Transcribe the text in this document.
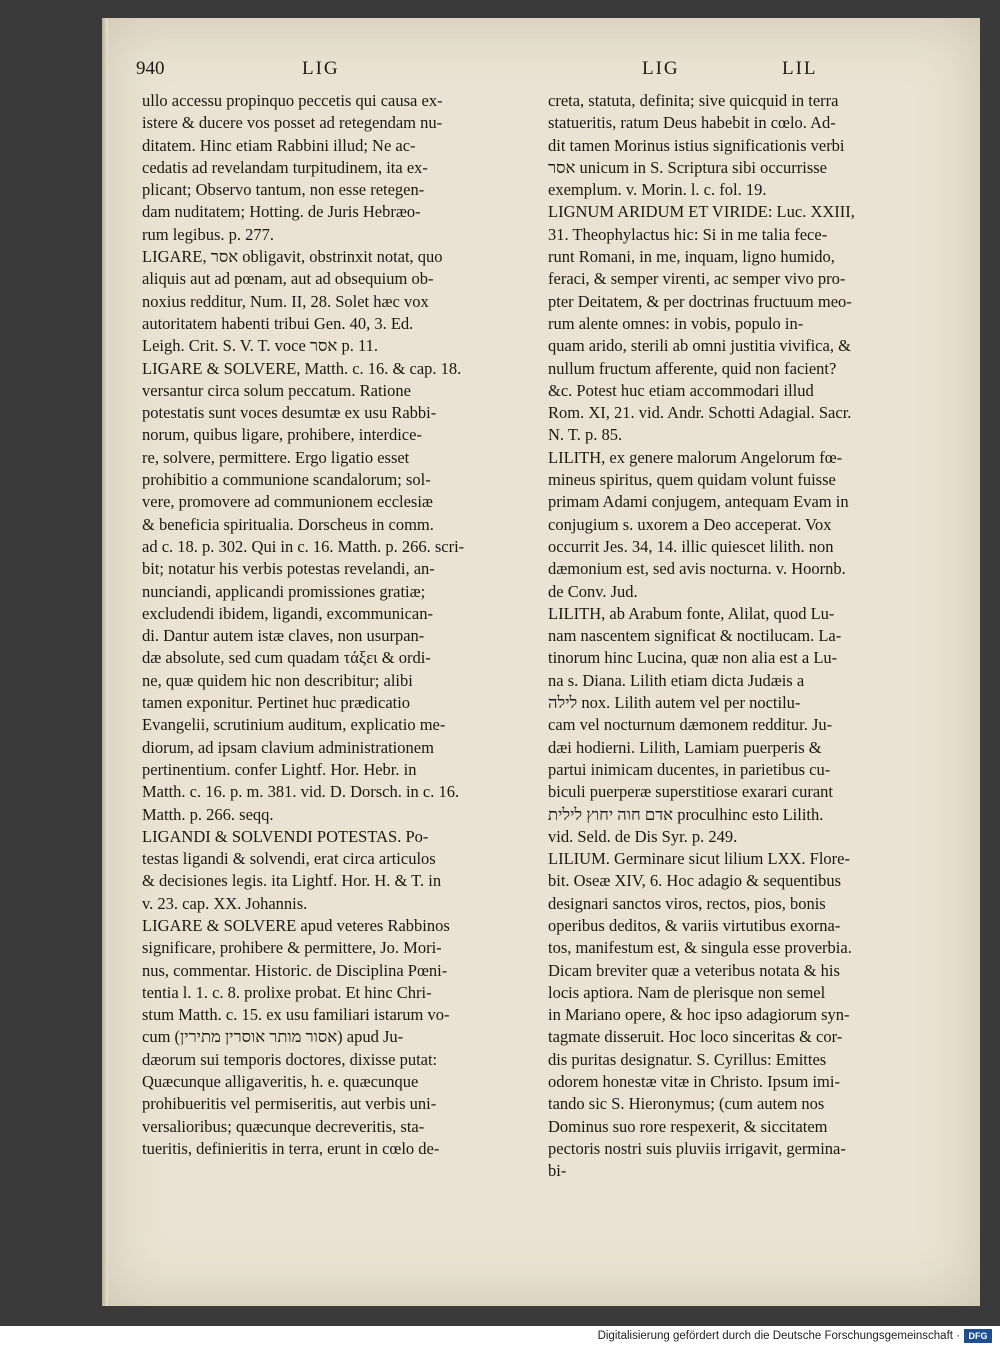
940	LIG	LIG	LIL

ullo accessu propinquo peccetis qui causa ex-

istere & ducere vos posset ad retegendam nu-

ditatem. Hinc etiam Rabbini illud; Ne ac-

cedatis ad revelandam turpitudinem, ita ex-

plicant; Observo tantum, non esse retegen-

dam nuditatem; Hotting. de Juris Hebræo-

rum legibus. p. 277.

LIGARE, אסר obligavit, obstrinxit notat, quo

aliquis aut ad pœnam, aut ad obsequium ob-

noxius redditur, Num. II, 28. Solet hæc vox

autoritatem habenti tribui Gen. 40, 3. Ed.

Leigh. Crit. S. V. T. voce אסר p. 11.

LIGARE & SOLVERE, Matth. c. 16. & cap. 18.

versantur circa solum peccatum. Ratione

potestatis sunt voces desumtæ ex usu Rabbi-

norum, quibus ligare, prohibere, interdice-

re, solvere, permittere. Ergo ligatio esset

prohibitio a communione scandalorum; sol-

vere, promovere ad communionem ecclesiæ

& beneficia spiritualia. Dorscheus in comm.

ad c. 18. p. 302. Qui in c. 16. Matth. p. 266. scri-

bit; notatur his verbis potestas revelandi, an-

nunciandi, applicandi promissiones gratiæ;

excludendi ibidem, ligandi, excommunican-

di. Dantur autem istæ claves, non usurpan-

dæ absolute, sed cum quadam τάξει & ordi-

ne, quæ quidem hic non describitur; alibi

tamen exponitur. Pertinet huc prædicatio

Evangelii, scrutinium auditum, explicatio me-

diorum, ad ipsam clavium administrationem

pertinentium. confer Lightf. Hor. Hebr. in

Matth. c. 16. p. m. 381. vid. D. Dorsch. in c. 16.

Matth. p. 266. seqq.

LIGANDI & SOLVENDI POTESTAS. Po-

testas ligandi & solvendi, erat circa articulos

& decisiones legis. ita Lightf. Hor. H. & T. in

v. 23. cap. XX. Johannis.

LIGARE & SOLVERE apud veteres Rabbinos

significare, prohibere & permittere, Jo. Mori-

nus, commentar. Historic. de Disciplina Pœni-

tentia l. 1. c. 8. prolixe probat. Et hinc Chri-

stum Matth. c. 15. ex usu familiari istarum vo-

cum (אסור מותר אוסרין מתירין) apud Ju-

dæorum sui temporis doctores, dixisse putat:

Quæcunque alligaveritis, h. e. quæcunque

prohibueritis vel permiseritis, aut verbis uni-

versalioribus; quæcunque decreveritis, sta-

tueritis, definieritis in terra, erunt in cœlo de-

creta, statuta, definita; sive quicquid in terra

statueritis, ratum Deus habebit in cœlo. Ad-

dit tamen Morinus istius significationis verbi

אסר unicum in S. Scriptura sibi occurrisse

exemplum. v. Morin. l. c. fol. 19.

LIGNUM ARIDUM ET VIRIDE: Luc. XXIII,

31. Theophylactus hic: Si in me talia fece-

runt Romani, in me, inquam, ligno humido,

feraci, & semper virenti, ac semper vivo pro-

pter Deitatem, & per doctrinas fructuum meo-

rum alente omnes: in vobis, populo in-

quam arido, sterili ab omni justitia vivifica, &

nullum fructum afferente, quid non facient?

&c. Potest huc etiam accommodari illud

Rom. XI, 21. vid. Andr. Schotti Adagial. Sacr.

N. T. p. 85.

LILITH, ex genere malorum Angelorum fœ-

mineus spiritus, quem quidam volunt fuisse

primam Adami conjugem, antequam Evam in

conjugium s. uxorem a Deo acceperat. Vox

occurrit Jes. 34, 14. illic quiescet lilith. non

dæmonium est, sed avis nocturna. v. Hoornb.

de Conv. Jud.

LILITH, ab Arabum fonte, Alilat, quod Lu-

nam nascentem significat & noctilucam. La-

tinorum hinc Lucina, quæ non alia est a Lu-

na s. Diana. Lilith etiam dicta Judæis a

לילה nox. Lilith autem vel per noctilu-

cam vel nocturnum dæmonem redditur. Ju-

dæi hodierni. Lilith, Lamiam puerperis &

partui inimicam ducentes, in parietibus cu-

biculi puerperæ superstitiose exarari curant

אדם חוה יחוץ לילית proculhinc esto Lilith.

vid. Seld. de Dis Syr. p. 249.

LILIUM. Germinare sicut lilium LXX. Flore-

bit. Oseæ XIV, 6. Hoc adagio & sequentibus

designari sanctos viros, rectos, pios, bonis

operibus deditos, & variis virtutibus exorna-

tos, manifestum est, & singula esse proverbia.

Dicam breviter quæ a veteribus notata & his

locis aptiora. Nam de plerisque non semel

in Mariano opere, & hoc ipso adagiorum syn-

tagmate disseruit. Hoc loco sinceritas & cor-

dis puritas designatur. S. Cyrillus: Emittes

odorem honestæ vitæ in Christo. Ipsum imi-

tando sic S. Hieronymus; (cum autem nos

Dominus suo rore respexerit, & siccitatem

pectoris nostri suis pluviis irrigavit, germina-

bi-

Digitalisierung gefördert durch die Deutsche Forschungsgemeinschaft · DFG
